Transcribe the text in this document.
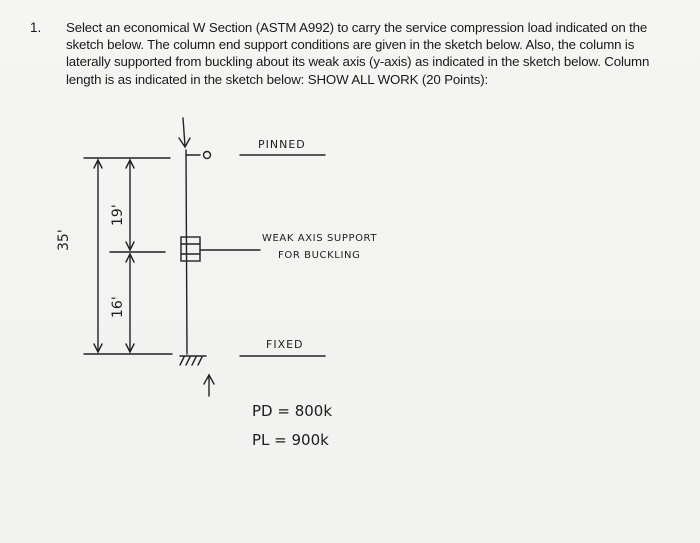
1. Select an economical W Section (ASTM A992) to carry the service compression load indicated on the
sketch below. The column end support conditions are given in the sketch below. Also, the column is
laterally supported from buckling about its weak axis (y-axis) as indicated in the sketch below. Column
length is as indicated in the sketch below: SHOW ALL WORK (20 Points):
PINNED
WEAK AXIS SUPPORT
FOR BUCKLING
FIXED
35'
19'
16'
PD = 800k
PL = 900k
